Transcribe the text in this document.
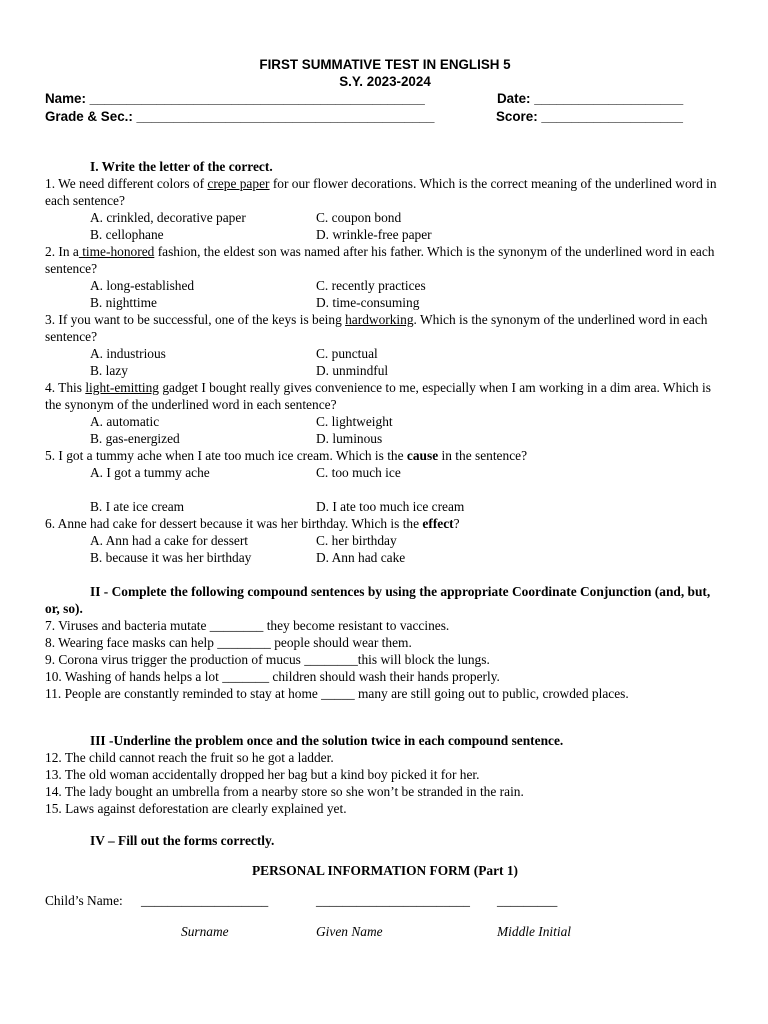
FIRST SUMMATIVE TEST IN ENGLISH 5
S.Y. 2023-2024
Name: _____________________________________________	Date: ____________________
Grade & Sec.: ________________________________________	Score: ___________________
I. Write the letter of the correct.
1. We need different colors of crepe paper for our flower decorations. Which is the correct meaning of the underlined word in each sentence?
A. crinkled, decorative paper	C. coupon bond
B. cellophane	D. wrinkle-free paper
2. In a time-honored fashion, the eldest son was named after his father. Which is the synonym of the underlined word in each sentence?
A. long-established	C. recently practices
B. nighttime	D. time-consuming
3. If you want to be successful, one of the keys is being hardworking. Which is the synonym of the underlined word in each sentence?
A. industrious	C. punctual
B. lazy	D. unmindful
4. This light-emitting gadget I bought really gives convenience to me, especially when I am working in a dim area. Which is the synonym of the underlined word in each sentence?
A. automatic	C. lightweight
B. gas-energized	D. luminous
5. I got a tummy ache when I ate too much ice cream. Which is the cause in the sentence?
A. I got a tummy ache	C. too much ice
B. I ate ice cream	D. I ate too much ice cream
6. Anne had cake for dessert because it was her birthday. Which is the effect?
A. Ann had a cake for dessert	C. her birthday
B. because it was her birthday	D. Ann had cake
II - Complete the following compound sentences by using the appropriate Coordinate Conjunction (and, but, or, so).
7. Viruses and bacteria mutate ________ they become resistant to vaccines.
8. Wearing face masks can help ________ people should wear them.
9. Corona virus trigger the production of mucus ________this will block the lungs.
10. Washing of hands helps a lot _______ children should wash their hands properly.
11. People are constantly reminded to stay at home _____ many are still going out to public, crowded places.
III -Underline the problem once and the solution twice in each compound sentence.
12. The child cannot reach the fruit so he got a ladder.
13. The old woman accidentally dropped her bag but a kind boy picked it for her.
14. The lady bought an umbrella from a nearby store so she won’t be stranded in the rain.
15. Laws against deforestation are clearly explained yet.
IV – Fill out the forms correctly.
PERSONAL INFORMATION FORM (Part 1)
Child’s Name: ___________________	_______________________ _________
Surname	Given Name	Middle Initial
